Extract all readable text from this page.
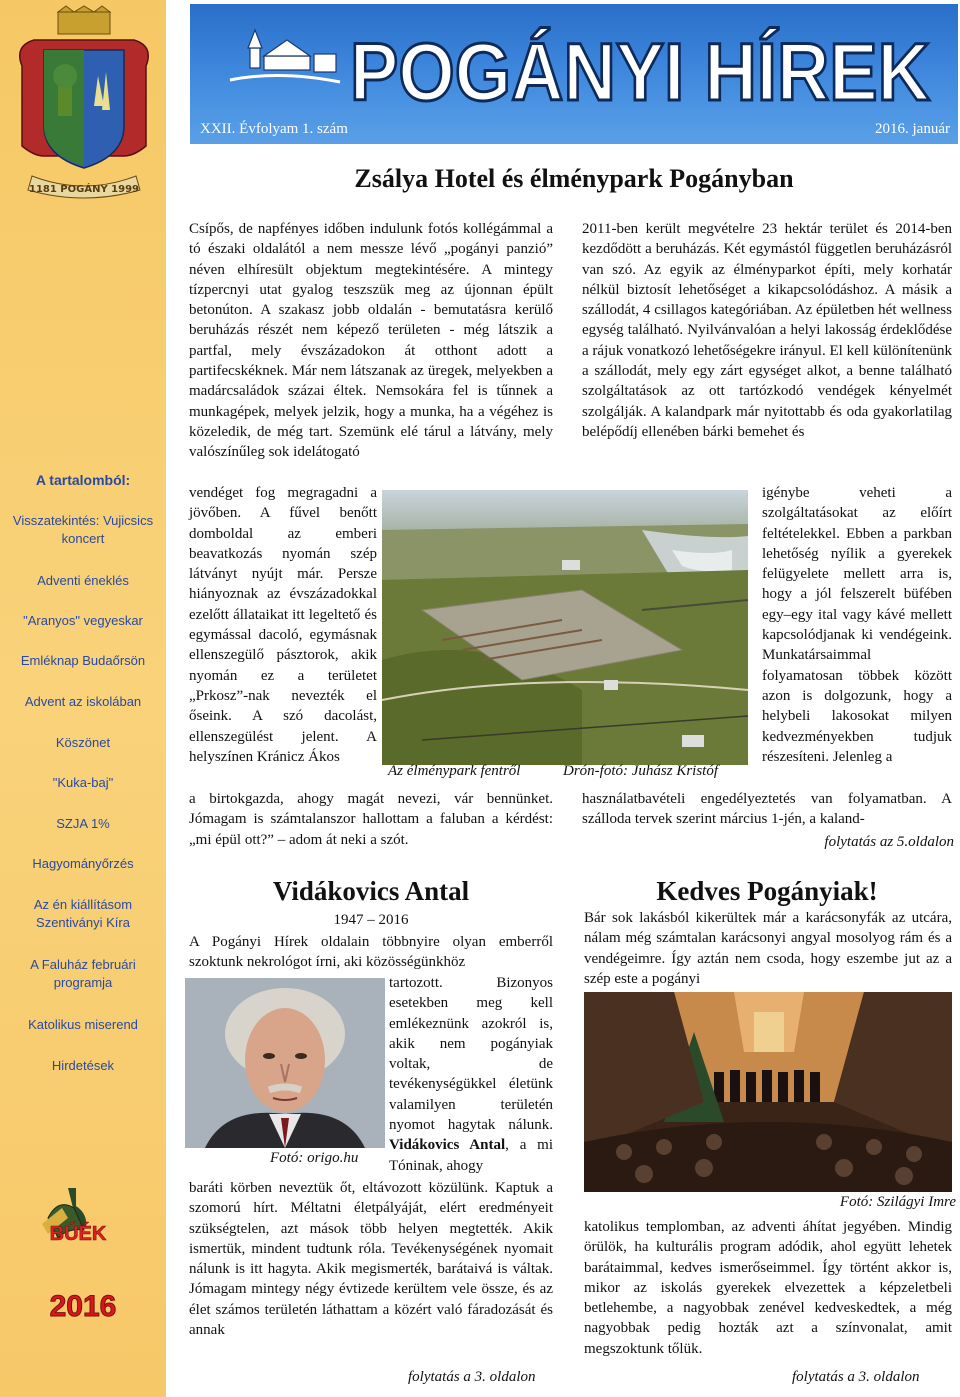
1181 POGÁNY 1999
A tartalomból:
Visszatekintés: Vujicsics koncert
Adventi éneklés
"Aranyos" vegyeskar
Emléknap Budaőrsön
Advent az iskolában
Köszönet
"Kuka-baj"
SZJA 1%
Hagyományőrzés
Az én kiállításom Szentiványi Kíra
A Faluház februári programja
Katolikus miserend
Hirdetések
BÚÉK
2016
POGÁNYI HÍREK
XXII. Évfolyam 1. szám	2016. január
Zsálya Hotel és élménypark Pogányban
Csípős, de napfényes időben indulunk fotós kollégámmal a tó északi oldalától a nem messze lévő „pogányi panzió” néven elhíresült objektum megtekintésére. A mintegy tízpercnyi utat gyalog teszszük meg az újonnan épült betonúton. A szakasz jobb oldalán - bemutatásra kerülő beruházás részét nem képező területen - még látszik a partfal, mely évszázadokon át otthont adott a partifecskéknek. Már nem látszanak az üregek, melyekben a madárcsaládok százai éltek. Nemsokára fel is tűnnek a munkagépek, melyek jelzik, hogy a munka, ha a végéhez is közeledik, de még tart. Szemünk elé tárul a látvány, mely valószínűleg sok idelátogató
vendéget fog megragadni a jövőben. A fűvel benőtt domboldal az emberi beavatkozás nyomán szép látványt nyújt már. Persze hiányoznak az évszázadokkal ezelőtt állataikat itt legeltető és egymással dacoló, egymásnak ellenszegülő pásztorok, akik nyomán ez a területet „Prkosz”-nak nevezték el őseink. A szó dacolást, ellenszegülést jelent. A helyszínen Kránicz Ákos
a birtokgazda, ahogy magát nevezi, vár bennünket. Jómagam is számtalanszor hallottam a faluban a kérdést: „mi épül ott?” – adom át neki a szót.
2011-ben került megvételre 23 hektár terület és 2014-ben kezdődött a beruházás. Két egymástól független beruházásról van szó. Az egyik az élményparkot építi, mely korhatár nélkül biztosít lehetőséget a kikapcsolódáshoz. A másik a szállodát, 4 csillagos kategóriában. Az épületben hét wellness egység található. Nyilvánvalóan a helyi lakosság érdeklődése a rájuk vonatkozó lehetőségekre irányul. El kell különítenünk a szállodát, mely egy zárt egységet alkot, a benne található szolgáltatások az ott tartózkodó vendégek kényelmét szolgálják. A kalandpark már nyitottabb és oda gyakorlatilag belépődíj ellenében bárki bemehet és
igénybe veheti a szolgáltatásokat az előírt feltételekkel. Ebben a parkban lehetőség nyílik a gyerekek felügyelete mellett arra is, hogy a jól felszerelt büfében egy–egy ital vagy kávé mellett kapcsolódjanak ki vendégeink. Munkatársaimmal folyamatosan többek között azon is dolgozunk, hogy a helybeli lakosokat milyen kedvezményekben tudjuk részesíteni. Jelenleg a
használatbavételi engedélyeztetés van folyamatban. A szálloda tervek szerint március 1-jén, a kaland-
Az élménypark fentről	Drón-fotó: Juhász Kristóf
folytatás az 5.oldalon
Vidákovics Antal
1947 – 2016
A Pogányi Hírek oldalain többnyire olyan emberről szoktunk nekrológot írni, aki közösségünkhöz
tartozott. Bizonyos esetekben meg kell emlékeznünk azokról is, akik nem pogányiak voltak, de tevékenységükkel életünk valamilyen területén nyomot hagytak nálunk. Vidákovics Antal, a mi Tóninak, ahogy
baráti körben neveztük őt, eltávozott közülünk. Kaptuk a szomorú hírt. Méltatni életpályáját, elért eredményeit szükségtelen, azt mások több helyen megtették. Akik ismertük, mindent tudtunk róla. Tevékenységének nyomait nálunk is itt hagyta. Akik megismerték, barátaivá is váltak. Jómagam mintegy négy évtizede kerültem vele össze, és az élet számos területén láthattam a közért való fáradozását és annak
Fotó: origo.hu
folytatás a 3. oldalon
Kedves Pogányiak!
Bár sok lakásból kikerültek már a karácsonyfák az utcára, nálam még számtalan karácsonyi angyal mosolyog rám és a vendégeimre. Így aztán nem csoda, hogy eszembe jut az a szép este a pogányi
Fotó: Szilágyi Imre
katolikus templomban, az adventi áhítat jegyében. Mindig örülök, ha kulturális program adódik, ahol együtt lehetek barátaimmal, kedves ismerőseimmel. Így történt akkor is, mikor az iskolás gyerekek elvezettek a képzeletbeli betlehembe, a nagyobbak zenével kedveskedtek, a még nagyobbak pedig hozták azt a színvonalat, amit megszoktunk tőlük.
folytatás a 3. oldalon
